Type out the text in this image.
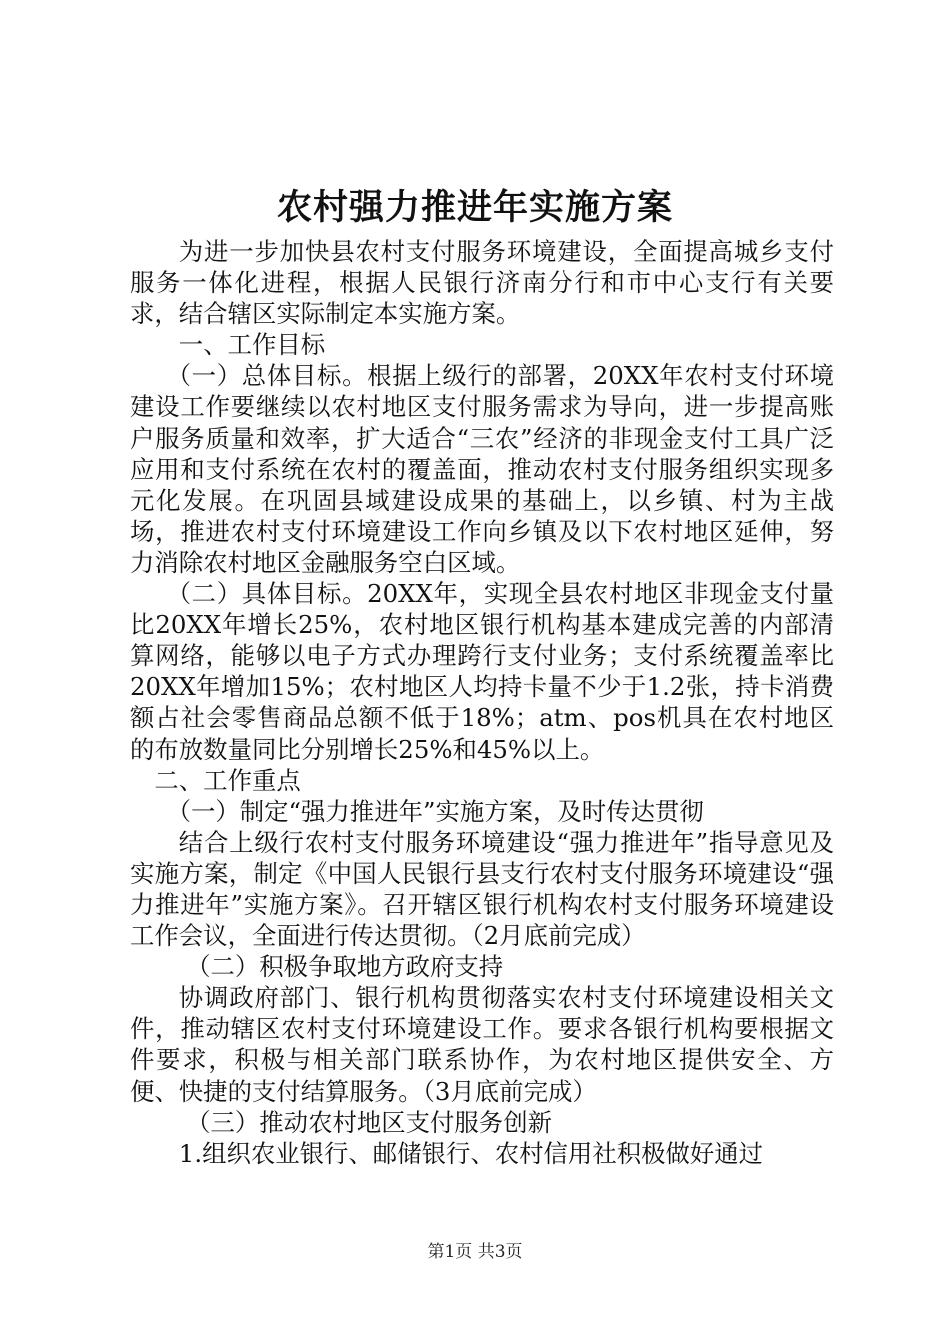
农村强力推进年实施方案

为进一步加快县农村支付服务环境建设，全面提高城乡支付服务一体化进程，根据人民银行济南分行和市中心支行有关要求，结合辖区实际制定本实施方案。

一、工作目标

（一）总体目标。根据上级行的部署，20XX年农村支付环境建设工作要继续以农村地区支付服务需求为导向，进一步提高账户服务质量和效率，扩大适合“三农”经济的非现金支付工具广泛应用和支付系统在农村的覆盖面，推动农村支付服务组织实现多元化发展。在巩固县域建设成果的基础上，以乡镇、村为主战场，推进农村支付环境建设工作向乡镇及以下农村地区延伸，努力消除农村地区金融服务空白区域。

（二）具体目标。20XX年，实现全县农村地区非现金支付量比20XX年增长25%，农村地区银行机构基本建成完善的内部清算网络，能够以电子方式办理跨行支付业务；支付系统覆盖率比20XX年增加15%；农村地区人均持卡量不少于1.2张，持卡消费额占社会零售商品总额不低于18%；atm、pos机具在农村地区的布放数量同比分别增长25%和45%以上。

二、工作重点

（一）制定“强力推进年”实施方案，及时传达贯彻

结合上级行农村支付服务环境建设“强力推进年”指导意见及实施方案，制定《中国人民银行县支行农村支付服务环境建设“强力推进年”实施方案》。召开辖区银行机构农村支付服务环境建设工作会议，全面进行传达贯彻。（2月底前完成）

（二）积极争取地方政府支持

协调政府部门、银行机构贯彻落实农村支付环境建设相关文件，推动辖区农村支付环境建设工作。要求各银行机构要根据文件要求，积极与相关部门联系协作，为农村地区提供安全、方便、快捷的支付结算服务。（3月底前完成）

（三）推动农村地区支付服务创新

1.组织农业银行、邮储银行、农村信用社积极做好通过

第1页 共3页
